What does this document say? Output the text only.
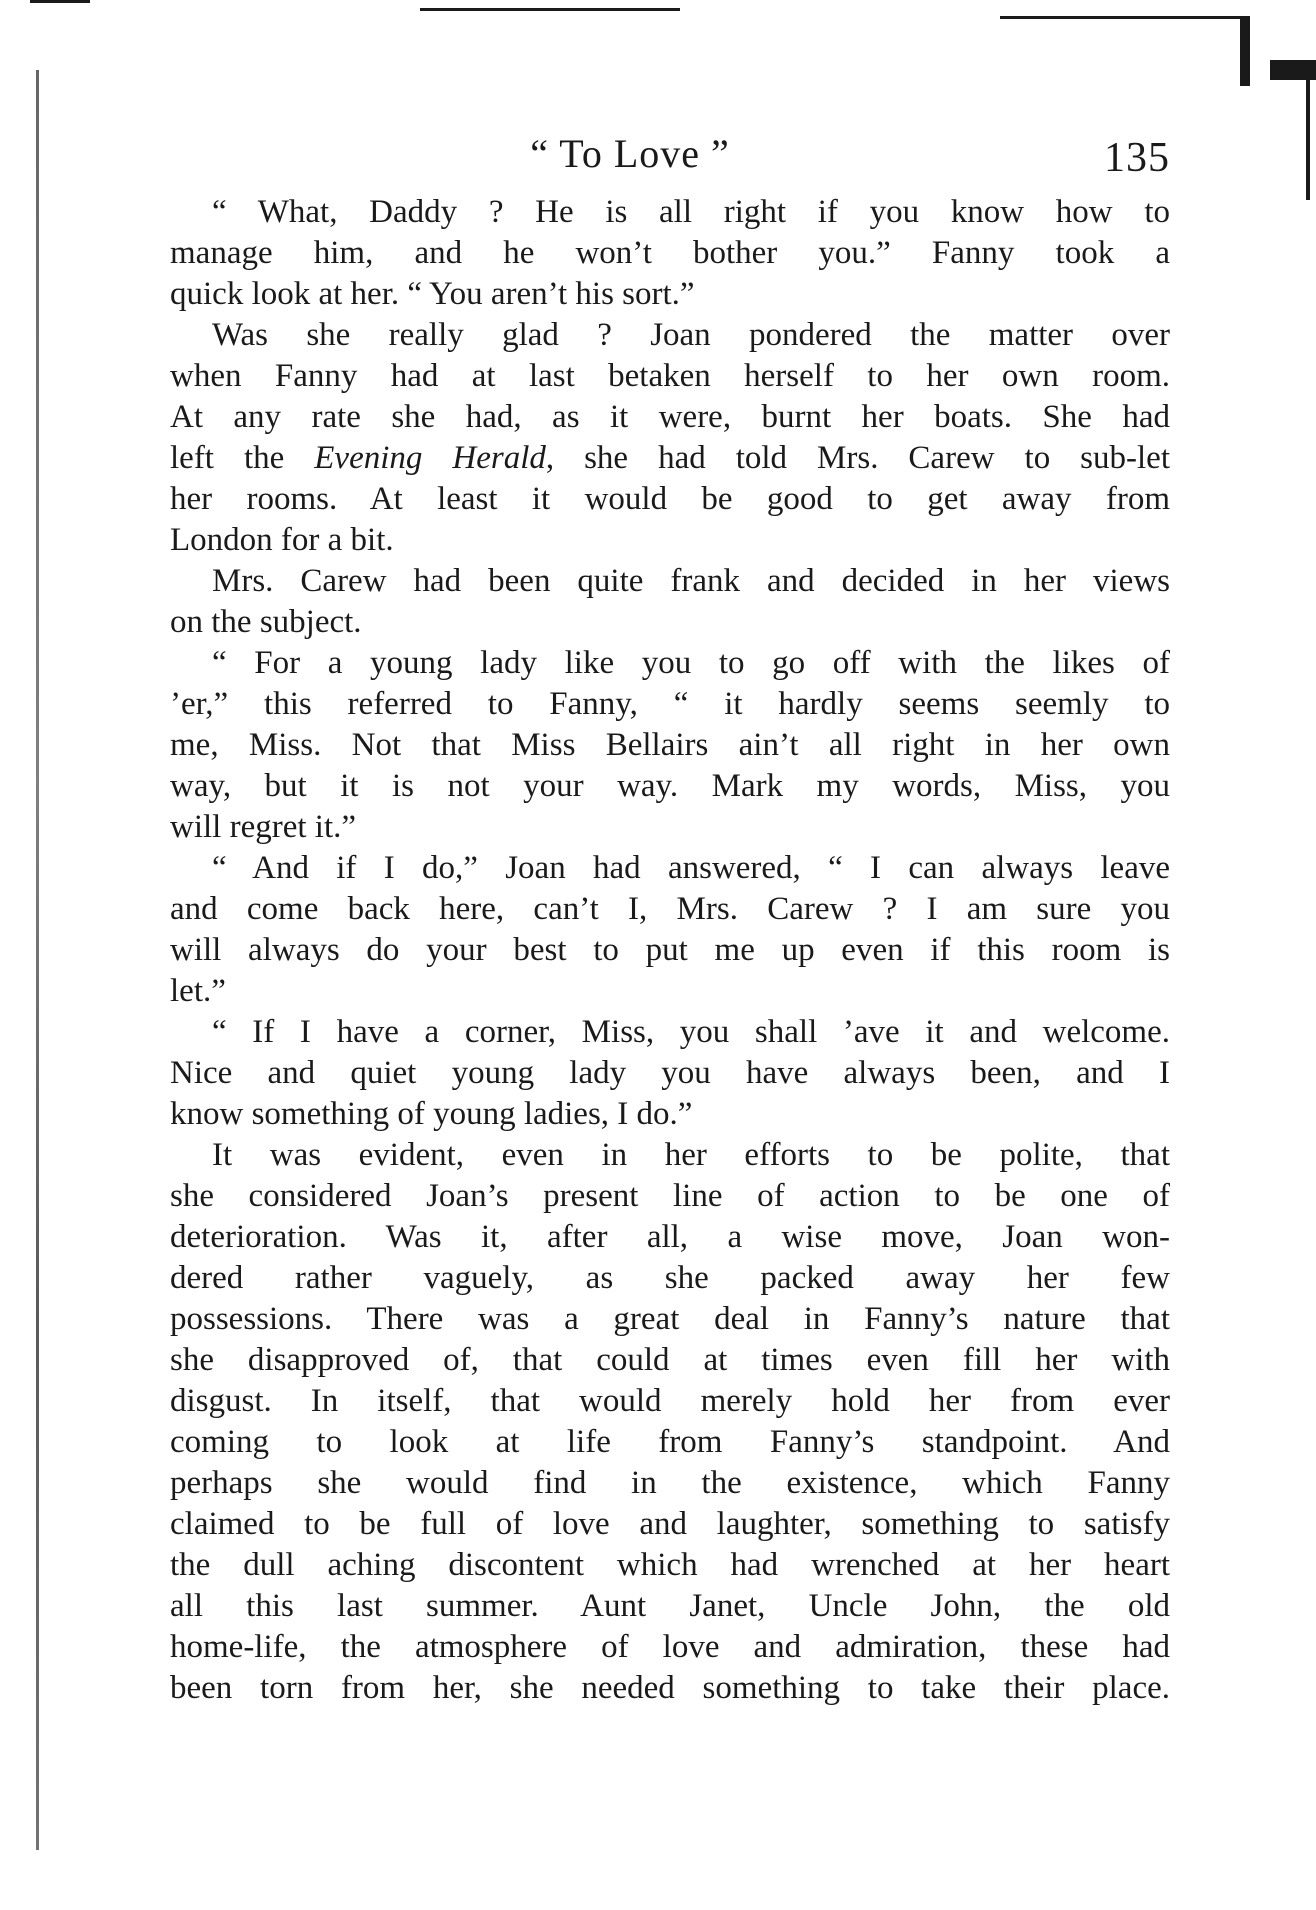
“ To Love ”	135
“ What, Daddy ? He is all right if you know how to
manage him, and he won’t bother you.” Fanny took a
quick look at her. “ You aren’t his sort.”
Was she really glad ? Joan pondered the matter over
when Fanny had at last betaken herself to her own room.
At any rate she had, as it were, burnt her boats. She had
left the Evening Herald, she had told Mrs. Carew to sub-let
her rooms. At least it would be good to get away from
London for a bit.
Mrs. Carew had been quite frank and decided in her views
on the subject.
“ For a young lady like you to go off with the likes of
’er,” this referred to Fanny, “ it hardly seems seemly to
me, Miss. Not that Miss Bellairs ain’t all right in her own
way, but it is not your way. Mark my words, Miss, you
will regret it.”
“ And if I do,” Joan had answered, “ I can always leave
and come back here, can’t I, Mrs. Carew ? I am sure you
will always do your best to put me up even if this room is
let.”
“ If I have a corner, Miss, you shall ’ave it and welcome.
Nice and quiet young lady you have always been, and I
know something of young ladies, I do.”
It was evident, even in her efforts to be polite, that
she considered Joan’s present line of action to be one of
deterioration. Was it, after all, a wise move, Joan won-
dered rather vaguely, as she packed away her few
possessions. There was a great deal in Fanny’s nature that
she disapproved of, that could at times even fill her with
disgust. In itself, that would merely hold her from ever
coming to look at life from Fanny’s standpoint. And
perhaps she would find in the existence, which Fanny
claimed to be full of love and laughter, something to satisfy
the dull aching discontent which had wrenched at her heart
all this last summer. Aunt Janet, Uncle John, the old
home-life, the atmosphere of love and admiration, these had
been torn from her, she needed something to take their place.
